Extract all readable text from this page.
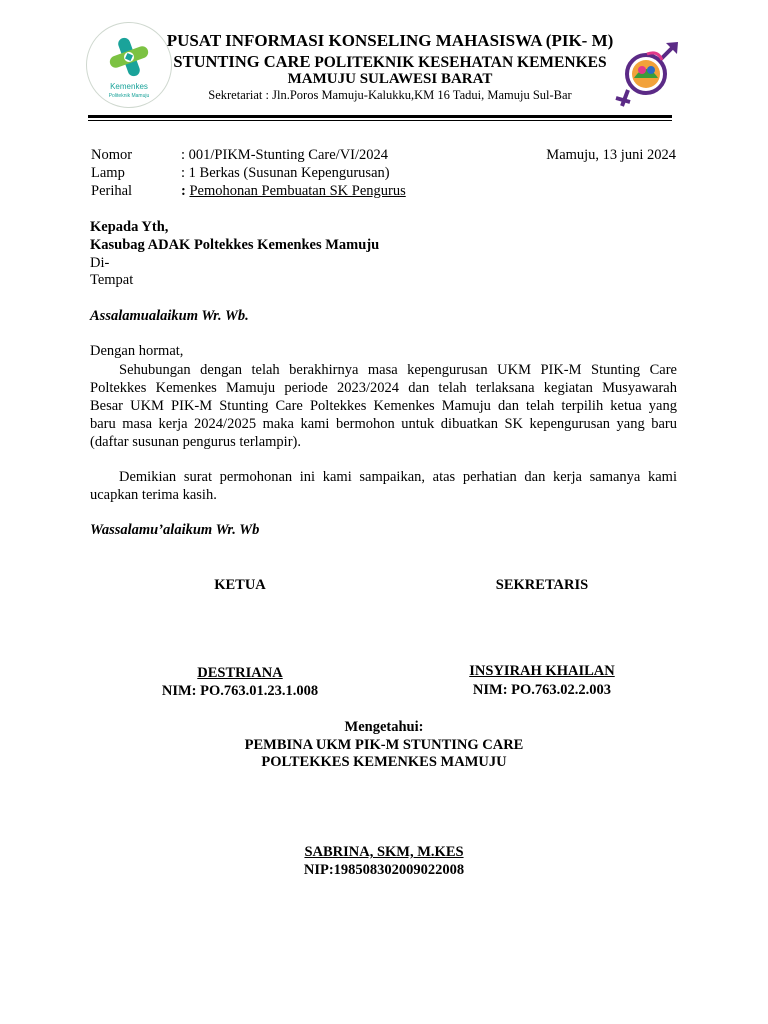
Kemenkes
Politeknik Mamuju
PUSAT INFORMASI KONSELING MAHASISWA (PIK- M)
STUNTING CARE POLITEKNIK KESEHATAN KEMENKES
MAMUJU SULAWESI BARAT
Sekretariat : Jln.Poros Mamuju-Kalukku,KM 16 Tadui, Mamuju Sul-Bar
Nomor	: 001/PIKM-Stunting Care/VI/2024	Mamuju, 13 juni 2024
Lamp	: 1 Berkas (Susunan Kepengurusan)
Perihal	: Pemohonan Pembuatan SK Pengurus
Kepada Yth,
Kasubag ADAK Poltekkes Kemenkes Mamuju
Di-
Tempat
Assalamualaikum Wr. Wb.
Dengan hormat,
Sehubungan dengan telah berakhirnya masa kepengurusan UKM PIK-M Stunting Care
Poltekkes Kemenkes Mamuju periode 2023/2024 dan telah terlaksana kegiatan Musyawarah
Besar UKM PIK-M Stunting Care Poltekkes Kemenkes Mamuju dan telah terpilih ketua yang
baru masa kerja 2024/2025 maka kami bermohon untuk dibuatkan SK kepengurusan yang baru
(daftar susunan pengurus terlampir).
Demikian surat permohonan ini kami sampaikan, atas perhatian dan kerja samanya kami
ucapkan terima kasih.
Wassalamu’alaikum Wr. Wb
KETUA	SEKRETARIS
DESTRIANA
NIM: PO.763.01.23.1.008
INSYIRAH KHAILAN
NIM: PO.763.02.2.003
Mengetahui:
PEMBINA UKM PIK-M STUNTING CARE
POLTEKKES KEMENKES MAMUJU
SABRINA, SKM, M.KES
NIP:198508302009022008
